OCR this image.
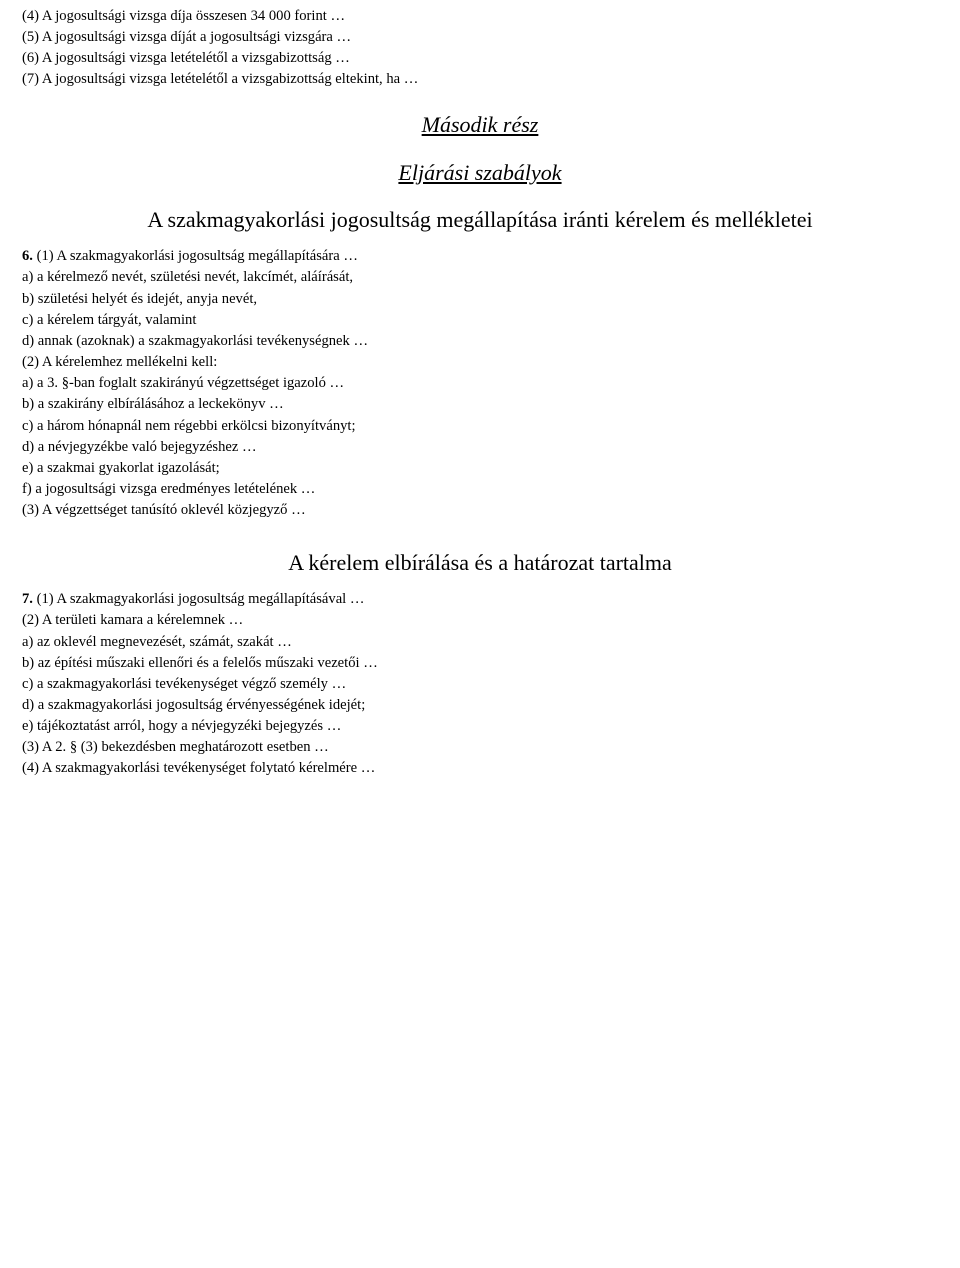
(4) A jogosultsági vizsga díja összesen 34 000 forint …

(5) A jogosultsági vizsga díját a jogosultsági vizsgára …

(6) A jogosultsági vizsga letételétől a vizsgabizottság …

(7) A jogosultsági vizsga letételétől a vizsgabizottság eltekint, ha …

Második rész
Eljárási szabályok
A szakmagyakorlási jogosultság megállapítása iránti kérelem és mellékletei

6. (1) A szakmagyakorlási jogosultság megállapítására …

a) a kérelmező nevét, születési nevét, lakcímét, aláírását,

b) születési helyét és idejét, anyja nevét,

c) a kérelem tárgyát, valamint

d) annak (azoknak) a szakmagyakorlási tevékenységnek …

(2) A kérelemhez mellékelni kell:

a) a 3. §-ban foglalt szakirányú végzettséget igazoló …

b) a szakirány elbírálásához a leckekönyv …

c) a három hónapnál nem régebbi erkölcsi bizonyítványt;

d) a névjegyzékbe való bejegyzéshez …

e) a szakmai gyakorlat igazolását;

f) a jogosultsági vizsga eredményes letételének …

(3) A végzettséget tanúsító oklevél közjegyző …

A kérelem elbírálása és a határozat tartalma

7. (1) A szakmagyakorlási jogosultság megállapításával …

(2) A területi kamara a kérelemnek …

a) az oklevél megnevezését, számát, szakát …

b) az építési műszaki ellenőri és a felelős műszaki vezetői …

c) a szakmagyakorlási tevékenységet végző személy …

d) a szakmagyakorlási jogosultság érvényességének idejét;

e) tájékoztatást arról, hogy a névjegyzéki bejegyzés …

(3) A 2. § (3) bekezdésben meghatározott esetben …

(4) A szakmagyakorlási tevékenységet folytató kérelmére …
